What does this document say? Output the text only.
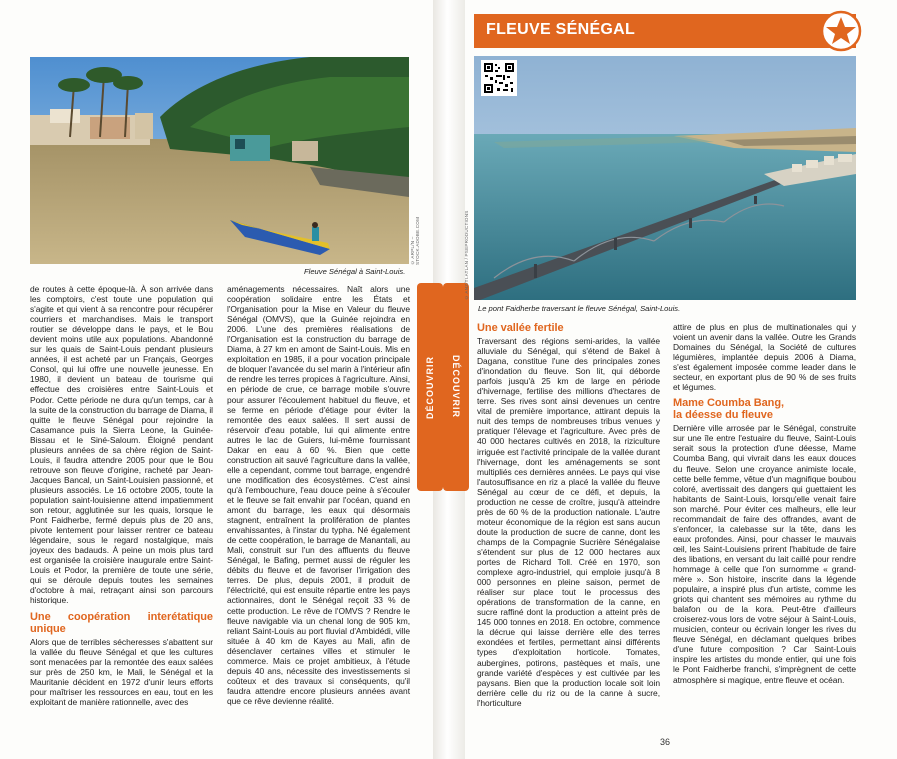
Fleuve Sénégal à Saint-Louis.
© ARPL/N – STOCK.ADOBE.COM

de routes à cette époque-là. À son arrivée dans les comptoirs, c'est toute une population qui s'agite et qui vient à sa rencontre pour récupérer courriers et marchandises. Mais le transport routier se développe dans le pays, et le Bou devient moins utile aux populations. Abandonné sur les quais de Saint-Louis pendant plusieurs années, il est acheté par un Français, Georges Consol, qui lui offre une nouvelle jeunesse. En 1980, il devient un bateau de tourisme qui effectue des croisières entre Saint-Louis et Podor. Cette période ne dura qu'un temps, car à la suite de la construction du barrage de Diama, il quitte le fleuve Sénégal pour rejoindre la Casamance puis la Sierra Leone, la Guinée-Bissau et le Siné-Saloum. Éloigné pendant plusieurs années de sa chère région de Saint-Louis, il faudra attendre 2005 pour que le Bou retrouve son fleuve d'origine, racheté par Jean-Jacques Bancal, un Saint-Louisien passionné, et plusieurs associés. Le 16 octobre 2005, toute la population saint-louisienne attend impatiemment son retour, agglutinée sur les quais, lorsque le Pont Faidherbe, fermé depuis plus de 20 ans, pivote lentement pour laisser rentrer ce bateau légendaire, sous le regard nostalgique, mais joyeux des badauds. À peine un mois plus tard est organisée la croisière inaugurale entre Saint-Louis et Podor, la première de toute une série, qui se déroule depuis toutes les semaines d'octobre à mai, retraçant ainsi son parcours historique.

Une coopération interétatique unique

Alors que de terribles sécheresses s'abattent sur la vallée du fleuve Sénégal et que les cultures sont menacées par la remontée des eaux salées sur près de 250 km, le Mali, le Sénégal et la Mauritanie décident en 1972 d'unir leurs efforts pour maîtriser les ressources en eau, tout en les exploitant de manière rationnelle, avec des

aménagements nécessaires. Naît alors une coopération solidaire entre les États et l'Organisation pour la Mise en Valeur du fleuve Sénégal (OMVS), que la Guinée rejoindra en 2006. L'une des premières réalisations de l'Organisation est la construction du barrage de Diama, à 27 km en amont de Saint-Louis. Mis en exploitation en 1985, il a pour vocation principale de bloquer l'avancée du sel marin à l'intérieur afin de rendre les terres propices à l'agriculture. Ainsi, en période de crue, ce barrage mobile s'ouvre pour assurer l'écoulement habituel du fleuve, et se ferme en période d'étiage pour éviter la remontée des eaux salées. Il sert aussi de réservoir d'eau potable, lui qui alimente entre autres le lac de Guiers, lui-même fournissant Dakar en eau à 60 %. Bien que cette construction ait sauvé l'agriculture dans la vallée, elle a cependant, comme tout barrage, engendré une modification des écosystèmes. C'est ainsi qu'à l'embouchure, l'eau douce peine à s'écouler et le fleuve se fait envahir par l'océan, quand en amont du barrage, les eaux qui désormais stagnent, entraînent la prolifération de plantes envahissantes, à l'instar du typha. Né également de cette coopération, le barrage de Manantali, au Mali, construit sur l'un des affluents du fleuve Sénégal, le Bafing, permet aussi de réguler les débits du fleuve et de favoriser l'irrigation des terres. De plus, depuis 2001, il produit de l'électricité, qui est ensuite répartie entre les pays actionnaires, dont le Sénégal reçoit 33 % de cette production. Le rêve de l'OMVS ? Rendre le fleuve navigable via un chenal long de 905 km, reliant Saint-Louis au port fluvial d'Ambidédi, ville située à 40 km de Kayes au Mali, afin de désenclaver certaines villes et stimuler le commerce. Mais ce projet ambitieux, à l'étude depuis 40 ans, nécessite des investissements si coûteux et des travaux si conséquents, qu'il faudra attendre encore plusieurs années avant que ce rêve devienne réalité.

DÉCOUVRIR	DÉCOUVRIR
FLEUVE SÉNÉGAL
Le pont Faidherbe traversant le fleuve Sénégal, Saint-Louis.
© ANZ/TI.ATLAN / PSEPRODUCTIONS
Une vallée fertile

Traversant des régions semi-arides, la vallée alluviale du Sénégal, qui s'étend de Bakel à Dagana, constitue l'une des principales zones d'inondation du fleuve. Son lit, qui déborde parfois jusqu'à 25 km de large en période d'hivernage, fertilise des millions d'hectares de terre. Ses rives sont ainsi devenues un centre vital de première importance, attirant depuis la nuit des temps de nombreuses tribus venues y pratiquer l'élevage et l'agriculture. Avec près de 40 000 hectares cultivés en 2018, la riziculture irriguée est l'activité principale de la vallée durant l'hivernage, dont les aménagements se sont multipliés ces dernières années. Le pays qui vise l'autosuffisance en riz a placé la vallée du fleuve Sénégal au cœur de ce défi, et depuis, la production ne cesse de croître, jusqu'à atteindre près de 60 % de la production nationale. L'autre moteur économique de la région est sans aucun doute la production de sucre de canne, dont les champs de la Compagnie Sucrière Sénégalaise s'étendent sur plus de 12 000 hectares aux portes de Richard Toll. Créé en 1970, son complexe agro-industriel, qui emploie jusqu'à 8 000 personnes en pleine saison, permet de réaliser sur place tout le processus des opérations de transformation de la canne, en sucre raffiné dont la production a atteint près de 145 000 tonnes en 2018. En octobre, commence la décrue qui laisse derrière elle des terres exondées et fertiles, permettant ainsi différents types d'exploitation horticole. Tomates, aubergines, potirons, pastèques et maïs, une grande variété d'espèces y est cultivée par les paysans. Bien que la production locale soit loin derrière celle du riz ou de la canne à sucre, l'horticulture

attire de plus en plus de multinationales qui y voient un avenir dans la vallée. Outre les Grands Domaines du Sénégal, la Société de cultures légumières, implantée depuis 2006 à Diama, s'est également imposée comme leader dans le secteur, en exportant plus de 90 % de ses fruits et légumes.

Mame Coumba Bang,
la déesse du fleuve

Dernière ville arrosée par le Sénégal, construite sur une île entre l'estuaire du fleuve, Saint-Louis serait sous la protection d'une déesse, Mame Coumba Bang, qui vivrait dans les eaux douces du fleuve. Selon une croyance animiste locale, cette belle femme, vêtue d'un magnifique boubou coloré, avertissait des dangers qui guettaient les habitants de Saint-Louis, lorsqu'elle venait faire son marché. Pour éviter ces malheurs, elle leur recommandait de faire des offrandes, avant de s'enfoncer, la calebasse sur la tête, dans les eaux profondes. Ainsi, pour chasser le mauvais œil, les Saint-Louisiens prirent l'habitude de faire des libations, en versant du lait caillé pour rendre hommage à celle que l'on surnomme « grand-mère ». Son histoire, inscrite dans la légende populaire, a inspiré plus d'un artiste, comme les griots qui chantent ses mémoires au rythme du balafon ou de la kora. Peut-être d'ailleurs croiserez-vous lors de votre séjour à Saint-Louis, musicien, conteur ou écrivain longer les rives du fleuve Sénégal, en déclamant quelques bribes d'une future composition ? Car Saint-Louis inspire les artistes du monde entier, qui une fois le Pont Faidherbe franchi, s'imprègnent de cette atmosphère si magique, entre fleuve et océan.

36
